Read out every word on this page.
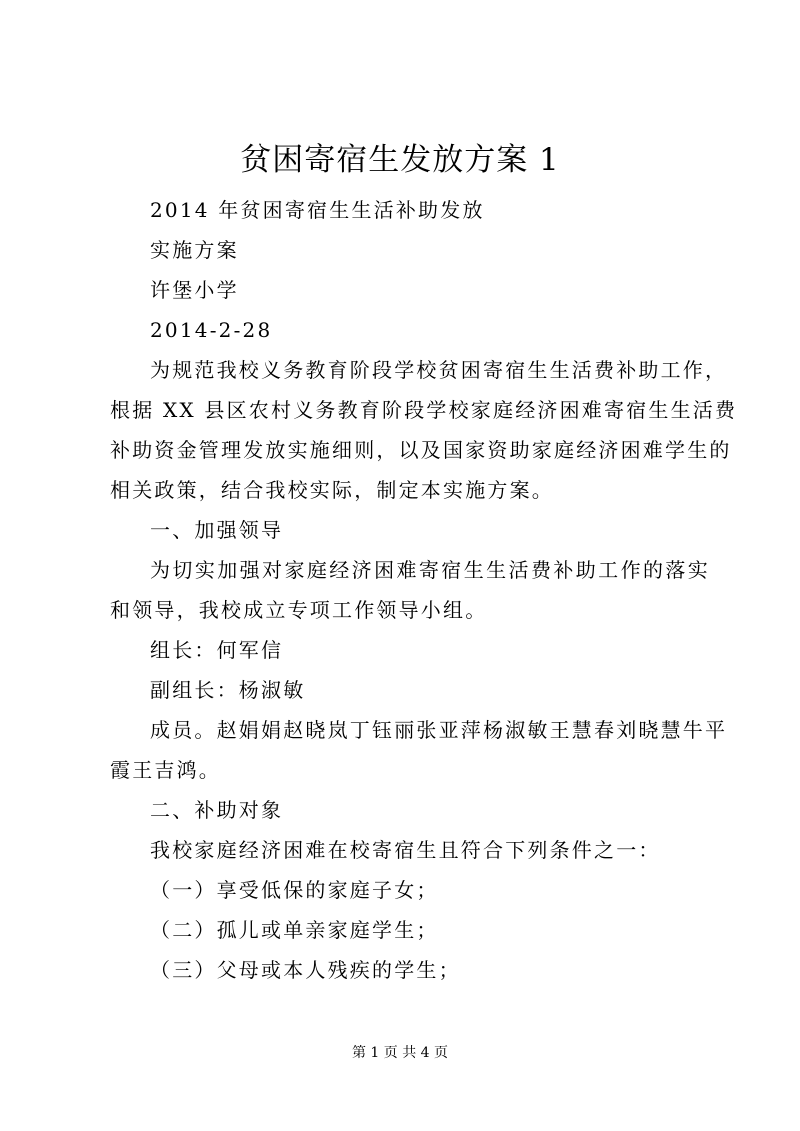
贫困寄宿生发放方案 1
2014 年贫困寄宿生生活补助发放
实施方案
许堡小学
2014-2-28
为规范我校义务教育阶段学校贫困寄宿生生活费补助工作，
根据 XX 县区农村义务教育阶段学校家庭经济困难寄宿生生活费
补助资金管理发放实施细则，以及国家资助家庭经济困难学生的
相关政策，结合我校实际，制定本实施方案。
一、加强领导
为切实加强对家庭经济困难寄宿生生活费补助工作的落实
和领导，我校成立专项工作领导小组。
组长：何军信
副组长：杨淑敏
成员。赵娟娟赵晓岚丁钰丽张亚萍杨淑敏王慧春刘晓慧牛平
霞王吉鸿。
二、补助对象
我校家庭经济困难在校寄宿生且符合下列条件之一：
（一）享受低保的家庭子女；
（二）孤儿或单亲家庭学生；
（三）父母或本人残疾的学生；
第 1 页 共 4 页
